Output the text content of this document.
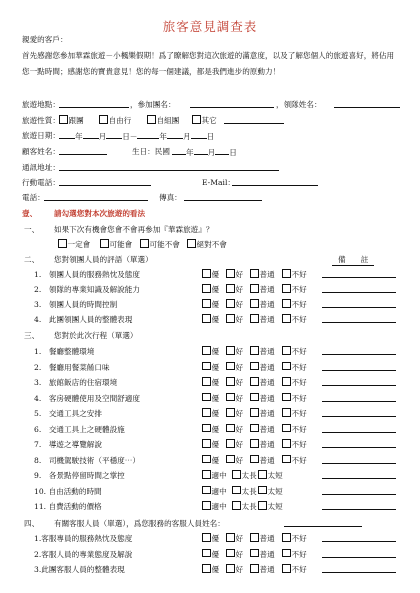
旅客意見調查表
親愛的客戶：
首先感謝您參加華霖旅遊－小楓樂假期！爲了瞭解您對這次旅遊的滿意度，以及了解您個人的旅遊喜好，將佔用您一點時間；感謝您的寶貴意見！您的每一個建議，都是我們進步的原動力！
旅遊地點：	，參加團名：	，領隊姓名：
旅遊性質：	跟團	自由行	自組團	其它
旅遊日期：	年 月 日－	年 月 日
顧客姓名：	生日：民國	年 月 日
通訊地址：
行動電話：	E-Mail：
電話：	傳真：
壹、 請勾選您對本次旅遊的看法
一、 如果下次有機會您會不會再參加『華霖旅遊』？
一定會	可能會	可能不會	絕對不會
二、 您對領團人員的評語（單選）	備　　註
1.　領團人員的服務熱忱及態度	優	好	普通	不好
2.　領隊的專業知識及解說能力	優	好	普通	不好
3.　領團人員的時間控制	優	好	普通	不好
4.　此團領團人員的整體表現	優	好	普通	不好
三、 您對於此次行程（單選）
1.　餐廳整體環境	優	好	普通	不好
2.　餐廳用餐菜餚口味	優	好	普通	不好
3.　旅館飯店的住宿環境	優	好	普通	不好
4.　客房硬體使用及空間舒適度	優	好	普通	不好
5.　交通工具之安排	優	好	普通	不好
6.　交通工具上之硬體設施	優	好	普通	不好
7.　導遊之導覽解說	優	好	普通	不好
8.　司機駕駛技術（平穩度⋯）	優	好	普通	不好
9.　各景點停留時間之掌控	適中	太長	太短
10. 自由活動的時間	適中	太長	太短
11. 自費活動的價格	適中	太長	太短
四、 有關客服人員（單選），爲您服務的客服人員姓名：
1.客服專員的服務熱忱及態度	優	好	普通	不好
2.客服人員的專業態度及解說	優	好	普通	不好
3.此團客服人員的整體表現	優	好	普通	不好
